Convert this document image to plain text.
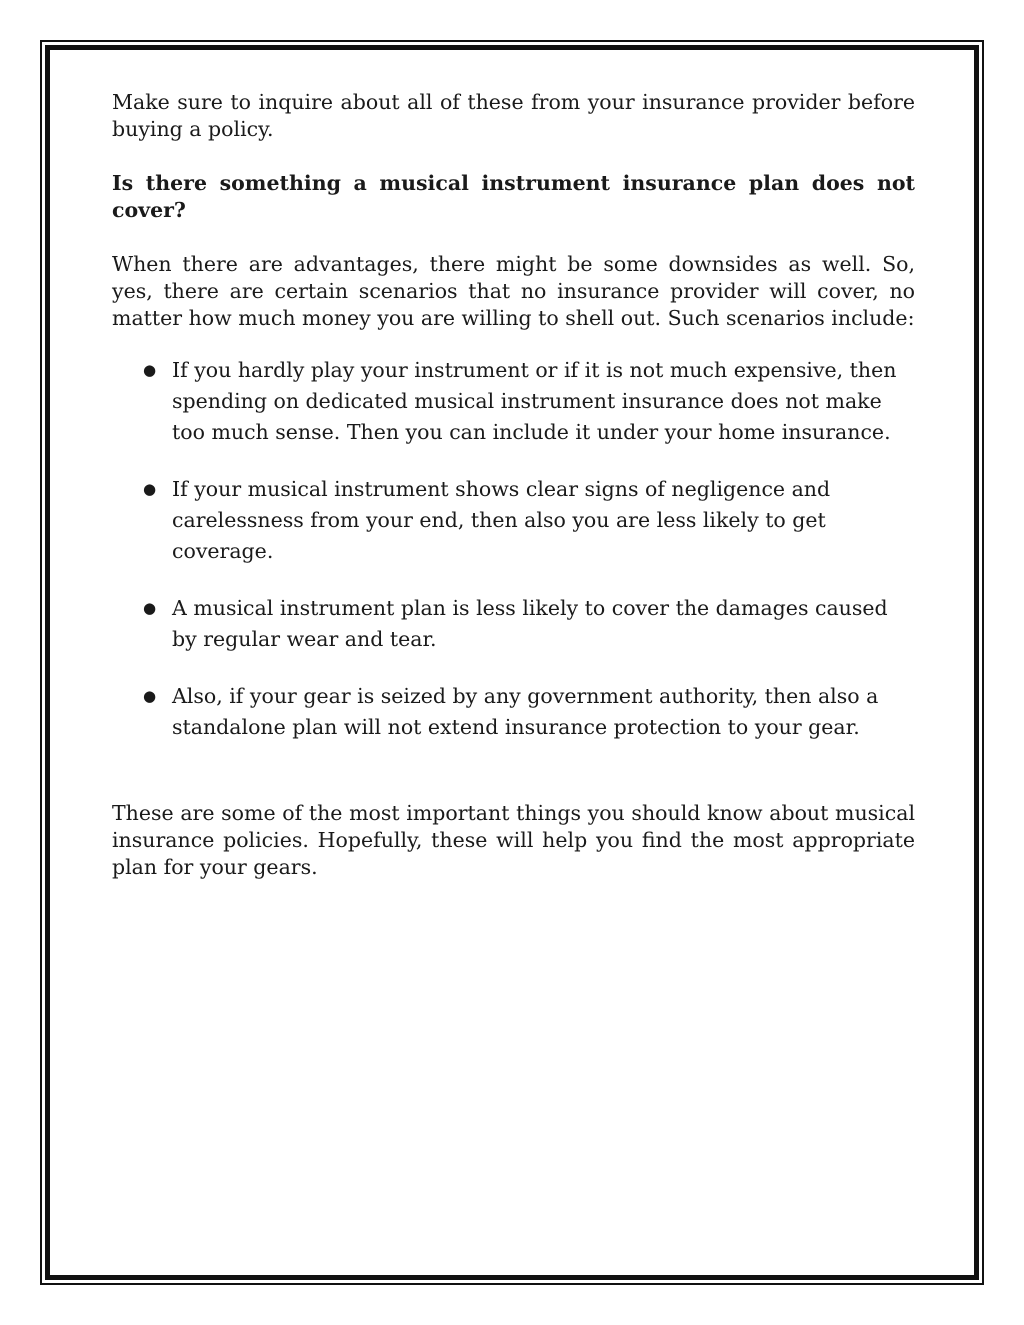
Make sure to inquire about all of these from your insurance provider before buying a policy.

Is there something a musical instrument insurance plan does not cover?

When there are advantages, there might be some downsides as well. So, yes, there are certain scenarios that no insurance provider will cover, no matter how much money you are willing to shell out. Such scenarios include:

● If you hardly play your instrument or if it is not much expensive, then spending on dedicated musical instrument insurance does not make too much sense. Then you can include it under your home insurance.
● If your musical instrument shows clear signs of negligence and carelessness from your end, then also you are less likely to get coverage.
● A musical instrument plan is less likely to cover the damages caused by regular wear and tear.
● Also, if your gear is seized by any government authority, then also a standalone plan will not extend insurance protection to your gear.

These are some of the most important things you should know about musical insurance policies. Hopefully, these will help you find the most appropriate plan for your gears.
